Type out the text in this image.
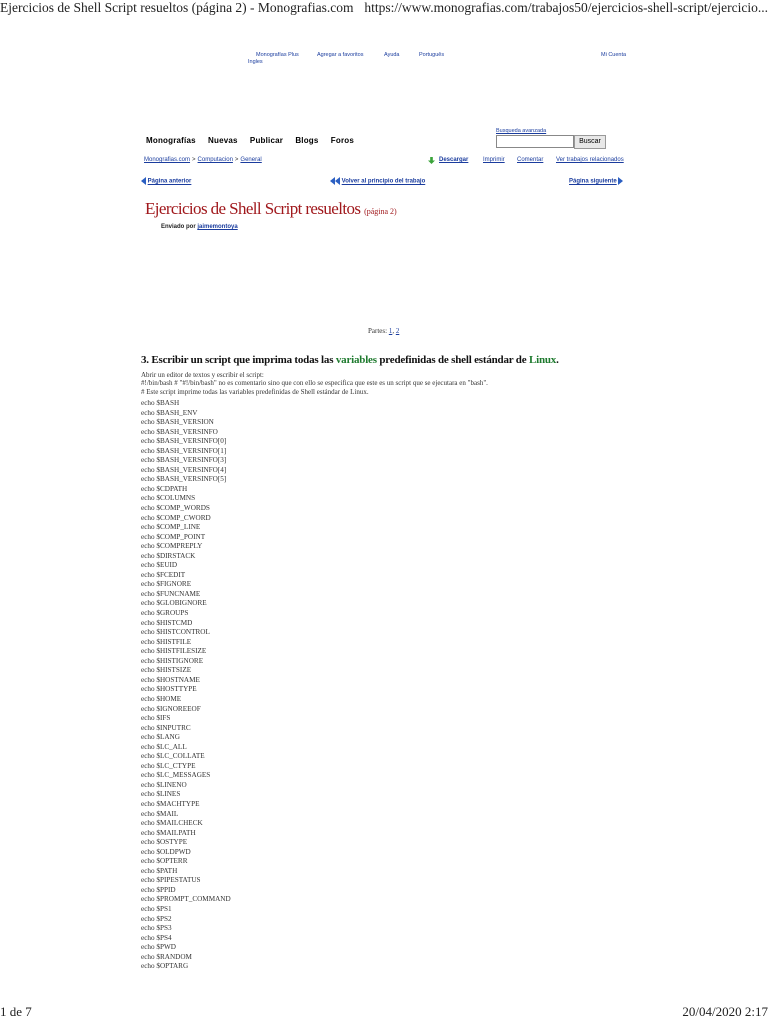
Ejercicios de Shell Script resueltos (página 2) - Monografias.com https://www.monografias.com/trabajos50/ejercicios-shell-script/ejercicio...
Monografías Plus	Agregar a favoritos	Ayuda	Português
Ingles
Mi Cuenta
Monografías Nuevas Publicar Blogs Foros
Busqueda avanzada
Buscar
Monografias.com > Computacion > General	Descargar Imprimir Comentar Ver trabajos relacionados
Página anterior	Volver al principio del trabajo	Página siguiente
Ejercicios de Shell Script resueltos (página 2)
Enviado por jaimemontoya
Partes: 1, 2
3. Escribir un script que imprima todas las variables predefinidas de shell estándar de Linux.
Abrir un editor de textos y escribir el script:
#!/bin/bash # "#!/bin/bash" no es comentario sino que con ello se especifica que este es un script que se ejecutara en "bash".
# Este script imprime todas las variables predefinidas de Shell estándar de Linux.
echo $BASH
echo $BASH_ENV
echo $BASH_VERSION
echo $BASH_VERSINFO
echo $BASH_VERSINFO[0]
echo $BASH_VERSINFO[1]
echo $BASH_VERSINFO[3]
echo $BASH_VERSINFO[4]
echo $BASH_VERSINFO[5]
echo $CDPATH
echo $COLUMNS
echo $COMP_WORDS
echo $COMP_CWORD
echo $COMP_LINE
echo $COMP_POINT
echo $COMPREPLY
echo $DIRSTACK
echo $EUID
echo $FCEDIT
echo $FIGNORE
echo $FUNCNAME
echo $GLOBIGNORE
echo $GROUPS
echo $HISTCMD
echo $HISTCONTROL
echo $HISTFILE
echo $HISTFILESIZE
echo $HISTIGNORE
echo $HISTSIZE
echo $HOSTNAME
echo $HOSTTYPE
echo $HOME
echo $IGNOREEOF
echo $IFS
echo $INPUTRC
echo $LANG
echo $LC_ALL
echo $LC_COLLATE
echo $LC_CTYPE
echo $LC_MESSAGES
echo $LINENO
echo $LINES
echo $MACHTYPE
echo $MAIL
echo $MAILCHECK
echo $MAILPATH
echo $OSTYPE
echo $OLDPWD
echo $OPTERR
echo $PATH
echo $PIPESTATUS
echo $PPID
echo $PROMPT_COMMAND
echo $PS1
echo $PS2
echo $PS3
echo $PS4
echo $PWD
echo $RANDOM
echo $OPTARG
1 de 7	20/04/2020 2:17
